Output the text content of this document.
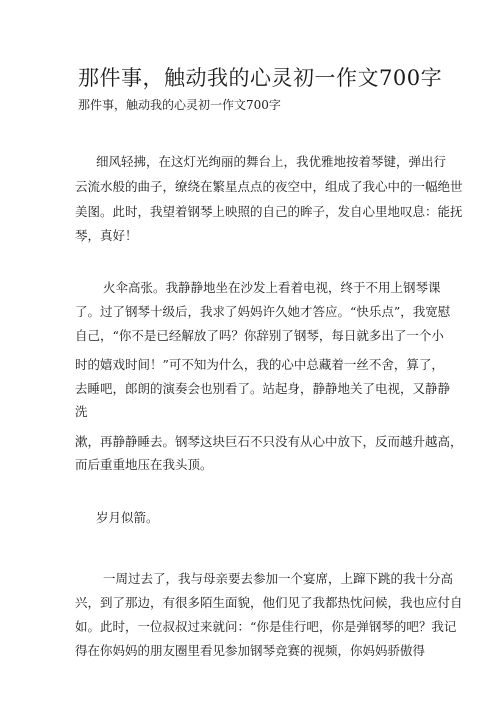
那件事，触动我的心灵初一作文700字
那件事，触动我的心灵初一作文700字
细风轻拂，在这灯光绚丽的舞台上，我优雅地按着琴键，弹出行
云流水般的曲子，缭绕在繁星点点的夜空中，组成了我心中的一幅绝世
美图。此时，我望着钢琴上映照的自己的眸子，发自心里地叹息：能抚
琴，真好！
火伞高张。我静静地坐在沙发上看着电视，终于不用上钢琴课
了。过了钢琴十级后，我求了妈妈许久她才答应。“快乐点”，我宽慰
自己，“你不是已经解放了吗？你辞别了钢琴，每日就多出了一个小
时的嬉戏时间！”可不知为什么，我的心中总藏着一丝不舍，算了，
去睡吧，郎朗的演奏会也别看了。站起身，静静地关了电视，又静静
洗
漱，再静静睡去。钢琴这块巨石不只没有从心中放下，反而越升越高，
而后重重地压在我头顶。
岁月似箭。
一周过去了，我与母亲要去参加一个宴席，上蹿下跳的我十分高
兴，到了那边，有很多陌生面貌，他们见了我都热忱问候，我也应付自
如。此时，一位叔叔过来就问：“你是佳行吧，你是弹钢琴的吧？我记
得在你妈妈的朋友圈里看见参加钢琴竞赛的视频，你妈妈骄傲得
